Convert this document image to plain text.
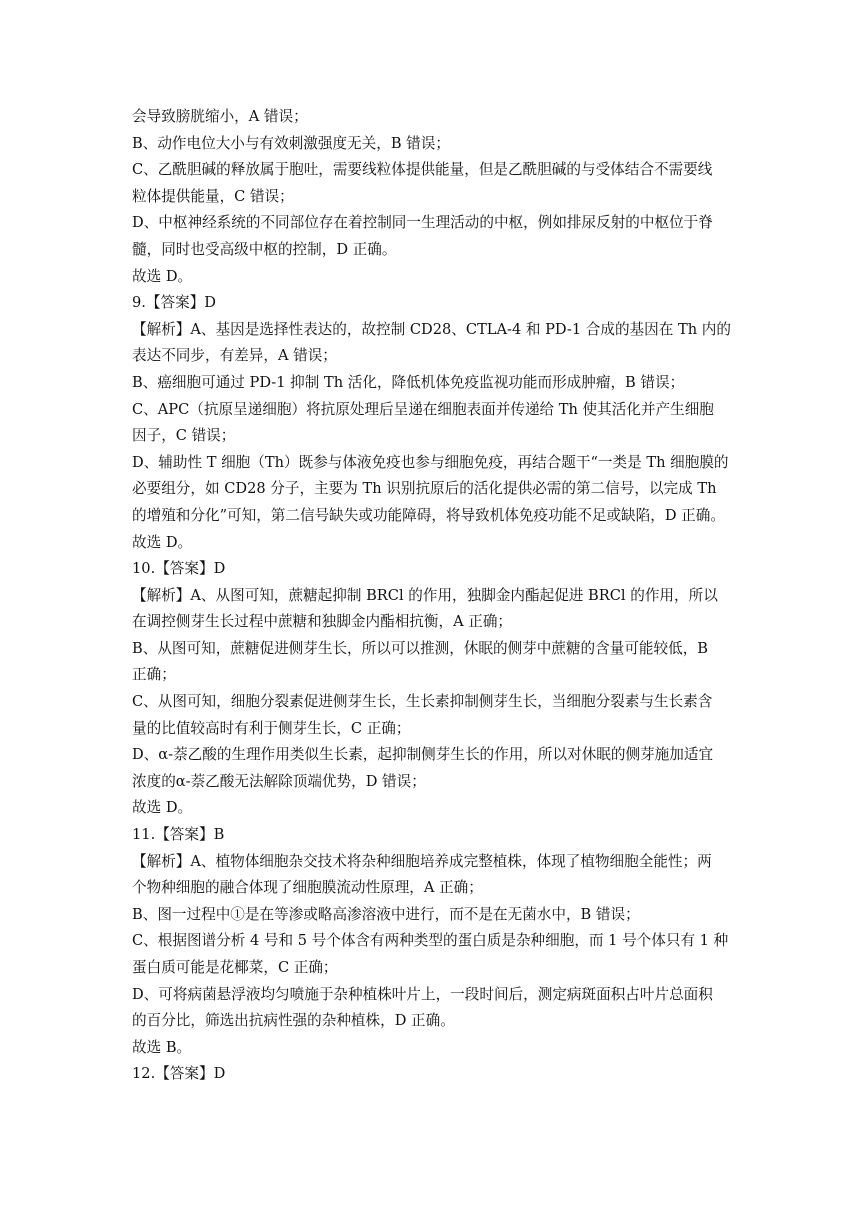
会导致膀胱缩小，A 错误；
B、动作电位大小与有效刺激强度无关，B 错误；
C、乙酰胆碱的释放属于胞吐，需要线粒体提供能量，但是乙酰胆碱的与受体结合不需要线
粒体提供能量，C 错误；
D、中枢神经系统的不同部位存在着控制同一生理活动的中枢，例如排尿反射的中枢位于脊
髓，同时也受高级中枢的控制，D 正确。
故选 D。
9.【答案】D
【解析】A、基因是选择性表达的，故控制 CD28、CTLA-4 和 PD-1 合成的基因在 Th 内的
表达不同步，有差异，A 错误；
B、癌细胞可通过 PD-1 抑制 Th 活化，降低机体免疫监视功能而形成肿瘤，B 错误；
C、APC（抗原呈递细胞）将抗原处理后呈递在细胞表面并传递给 Th 使其活化并产生细胞
因子，C 错误；
D、辅助性 T 细胞（Th）既参与体液免疫也参与细胞免疫，再结合题干“一类是 Th 细胞膜的
必要组分，如 CD28 分子，主要为 Th 识别抗原后的活化提供必需的第二信号，以完成 Th
的增殖和分化”可知，第二信号缺失或功能障碍，将导致机体免疫功能不足或缺陷，D 正确。
故选 D。
10.【答案】D
【解析】A、从图可知，蔗糖起抑制 BRCl 的作用，独脚金内酯起促进 BRCl 的作用，所以
在调控侧芽生长过程中蔗糖和独脚金内酯相抗衡，A 正确；
B、从图可知，蔗糖促进侧芽生长，所以可以推测，休眠的侧芽中蔗糖的含量可能较低，B
正确；
C、从图可知，细胞分裂素促进侧芽生长，生长素抑制侧芽生长，当细胞分裂素与生长素含
量的比值较高时有利于侧芽生长，C 正确；
D、α-萘乙酸的生理作用类似生长素，起抑制侧芽生长的作用，所以对休眠的侧芽施加适宜
浓度的α-萘乙酸无法解除顶端优势，D 错误；
故选 D。
11.【答案】B
【解析】A、植物体细胞杂交技术将杂种细胞培养成完整植株，体现了植物细胞全能性；两
个物种细胞的融合体现了细胞膜流动性原理，A 正确；
B、图一过程中①是在等渗或略高渗溶液中进行，而不是在无菌水中，B 错误；
C、根据图谱分析 4 号和 5 号个体含有两种类型的蛋白质是杂种细胞，而 1 号个体只有 1 种
蛋白质可能是花椰菜，C 正确；
D、可将病菌悬浮液均匀喷施于杂种植株叶片上，一段时间后，测定病斑面积占叶片总面积
的百分比，筛选出抗病性强的杂种植株，D 正确。
故选 B。
12.【答案】D
